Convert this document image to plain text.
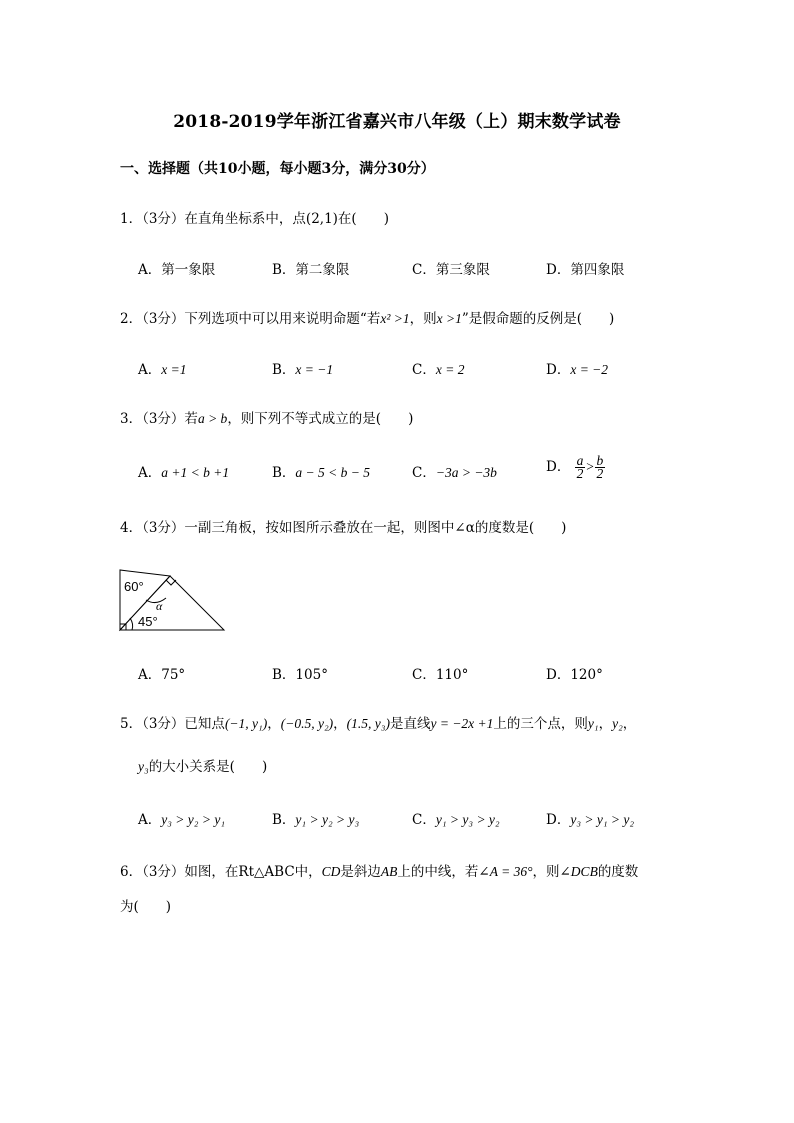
2018-2019学年浙江省嘉兴市八年级（上）期末数学试卷
一、选择题（共10小题，每小题3分，满分30分）
1．（3分）在直角坐标系中，点(2,1)在(　　)
A．第一象限	B．第二象限	C．第三象限	D．第四象限
2．（3分）下列选项中可以用来说明命题“若x² >1，则x >1”是假命题的反例是(　　)
A．x =1	B．x = −1	C．x = 2	D．x = −2
3．（3分）若a > b，则下列不等式成立的是(　　)
A．a +1 < b +1	B．a − 5 < b − 5	C．−3a > −3b	D． $\frac{a}{2} > \frac{b}{2}$
4．（3分）一副三角板，按如图所示叠放在一起，则图中∠α的度数是(　　)
60°
α
45°
A．75°	B．105°	C．110°	D．120°
5．（3分）已知点(−1, y₁)，(−0.5, y₂)，(1.5, y₃)是直线y = −2x +1上的三个点，则y₁，y₂，
y₃的大小关系是(　　)
A．y₃ > y₂ > y₁	B．y₁ > y₂ > y₃	C．y₁ > y₃ > y₂	D．y₃ > y₁ > y₂
6．（3分）如图，在Rt△ABC中，CD是斜边AB上的中线，若∠A = 36°，则∠DCB的度数
为(　　)
